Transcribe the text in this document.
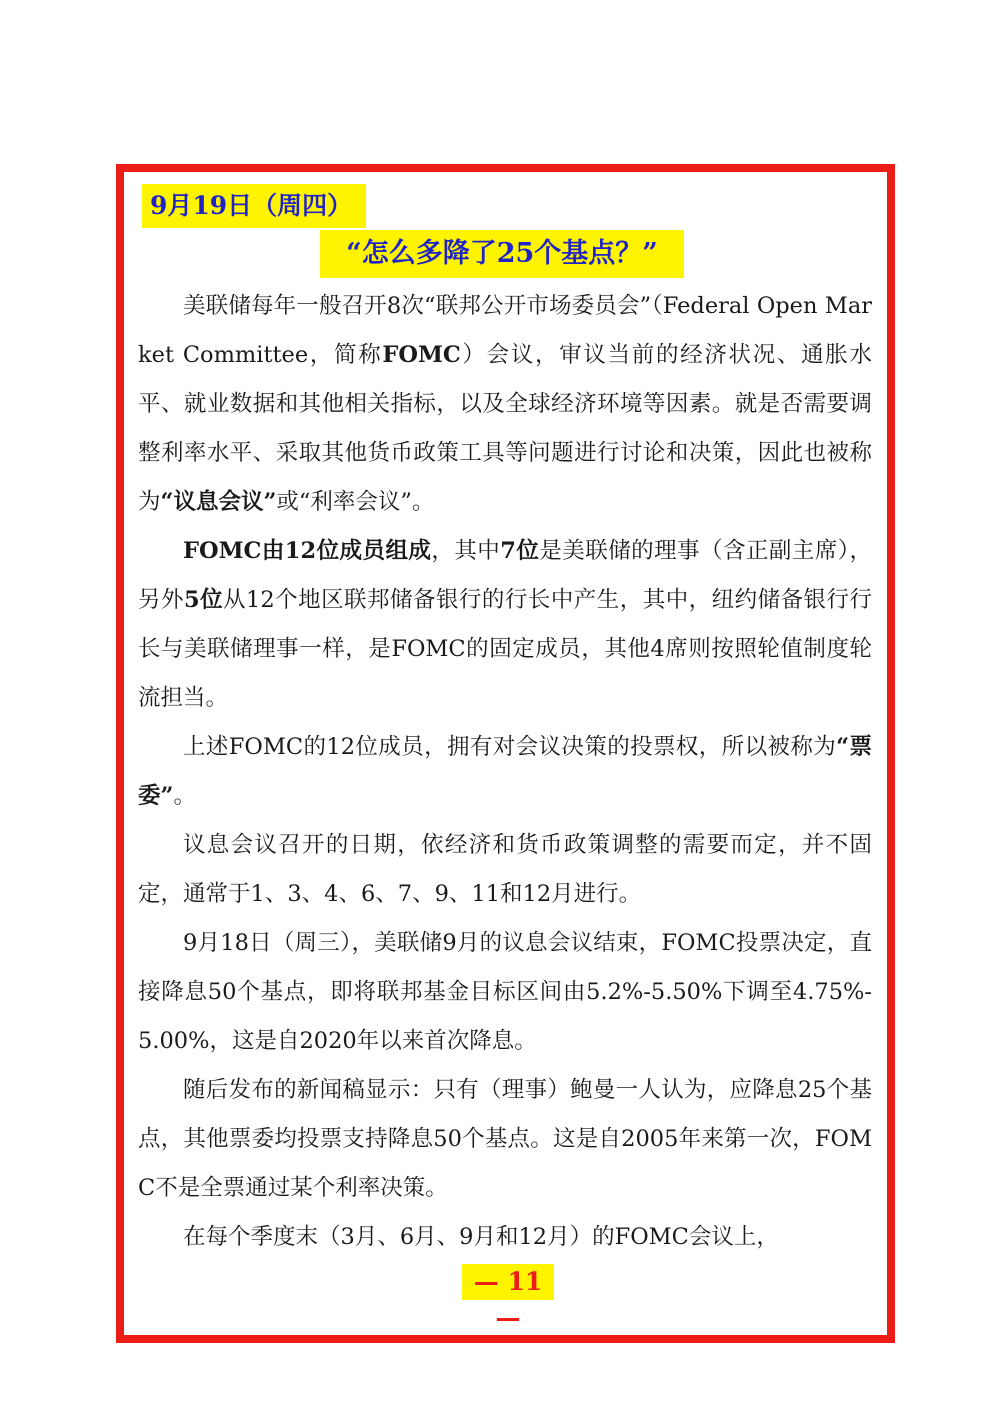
9月19日（周四）
“怎么多降了25个基点？”

美联储每年一般召开8次“联邦公开市场委员会”（Federal Open Market Committee，简称FOMC）会议，审议当前的经济状况、通胀水平、就业数据和其他相关指标，以及全球经济环境等因素。就是否需要调整利率水平、采取其他货币政策工具等问题进行讨论和决策，因此也被称为“议息会议”或“利率会议”。

FOMC由12位成员组成，其中7位是美联储的理事（含正副主席），另外5位从12个地区联邦储备银行的行长中产生，其中，纽约储备银行行长与美联储理事一样，是FOMC的固定成员，其他4席则按照轮值制度轮流担当。

上述FOMC的12位成员，拥有对会议决策的投票权，所以被称为“票委”。

议息会议召开的日期，依经济和货币政策调整的需要而定，并不固定，通常于1、3、4、6、7、9、11和12月进行。

9月18日（周三），美联储9月的议息会议结束，FOMC投票决定，直接降息50个基点，即将联邦基金目标区间由5.2%-5.50%下调至4.75%-5.00%，这是自2020年以来首次降息。

随后发布的新闻稿显示：只有（理事）鲍曼一人认为，应降息25个基点，其他票委均投票支持降息50个基点。这是自2005年来第一次，FOMC不是全票通过某个利率决策。

在每个季度末（3月、6月、9月和12月）的FOMC会议上，

— 11 —
